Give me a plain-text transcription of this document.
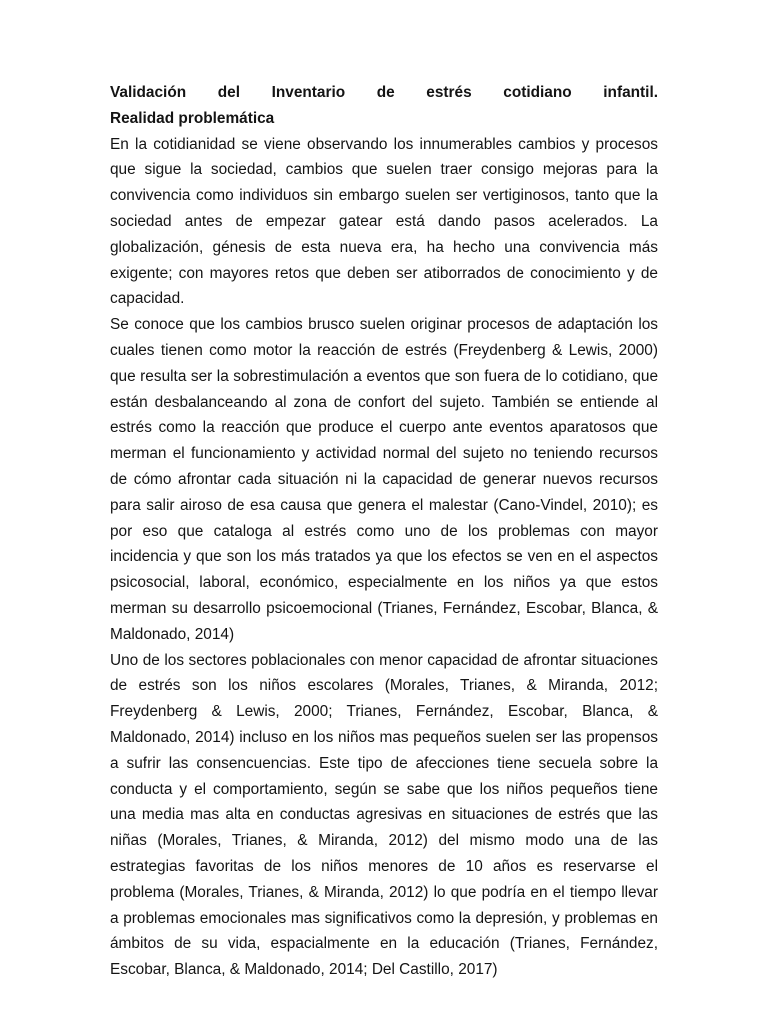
Validación del Inventario de estrés cotidiano infantil.

Realidad problemática

En la cotidianidad se viene observando los innumerables cambios y procesos que sigue la sociedad, cambios que suelen traer consigo mejoras para la convivencia como individuos sin embargo suelen ser vertiginosos, tanto que la sociedad antes de empezar gatear está dando pasos acelerados. La globalización, génesis de esta nueva era, ha hecho una convivencia más exigente; con mayores retos que deben ser atiborrados de conocimiento y de capacidad.

Se conoce que los cambios brusco suelen originar procesos de adaptación los cuales tienen como motor la reacción de estrés (Freydenberg & Lewis, 2000) que resulta ser la sobrestimulación a eventos que son fuera de lo cotidiano, que están desbalanceando al zona de confort del sujeto. También se entiende al estrés como la reacción que produce el cuerpo ante eventos aparatosos que merman el funcionamiento y actividad normal del sujeto no teniendo recursos de cómo afrontar cada situación ni la capacidad de generar nuevos recursos para salir airoso de esa causa que genera el malestar (Cano-Vindel, 2010); es por eso que cataloga al estrés como uno de los problemas con mayor incidencia y que son los más tratados ya que los efectos se ven en el aspectos psicosocial, laboral, económico, especialmente en los niños ya que estos merman su desarrollo psicoemocional (Trianes, Fernández, Escobar, Blanca, & Maldonado, 2014)

Uno de los sectores poblacionales con menor capacidad de afrontar situaciones de estrés son los niños escolares (Morales, Trianes, & Miranda, 2012; Freydenberg & Lewis, 2000; Trianes, Fernández, Escobar, Blanca, & Maldonado, 2014) incluso en los niños mas pequeños suelen ser las propensos a sufrir las consencuencias. Este tipo de afecciones tiene secuela sobre la conducta y el comportamiento, según se sabe que los niños pequeños tiene una media mas alta en conductas agresivas en situaciones de estrés que las niñas (Morales, Trianes, & Miranda, 2012) del mismo modo una de las estrategias favoritas de los niños menores de 10 años es reservarse el problema (Morales, Trianes, & Miranda, 2012) lo que podría en el tiempo llevar a problemas emocionales mas significativos como la depresión, y problemas en ámbitos de su vida, espacialmente en la educación (Trianes, Fernández, Escobar, Blanca, & Maldonado, 2014; Del Castillo, 2017)
